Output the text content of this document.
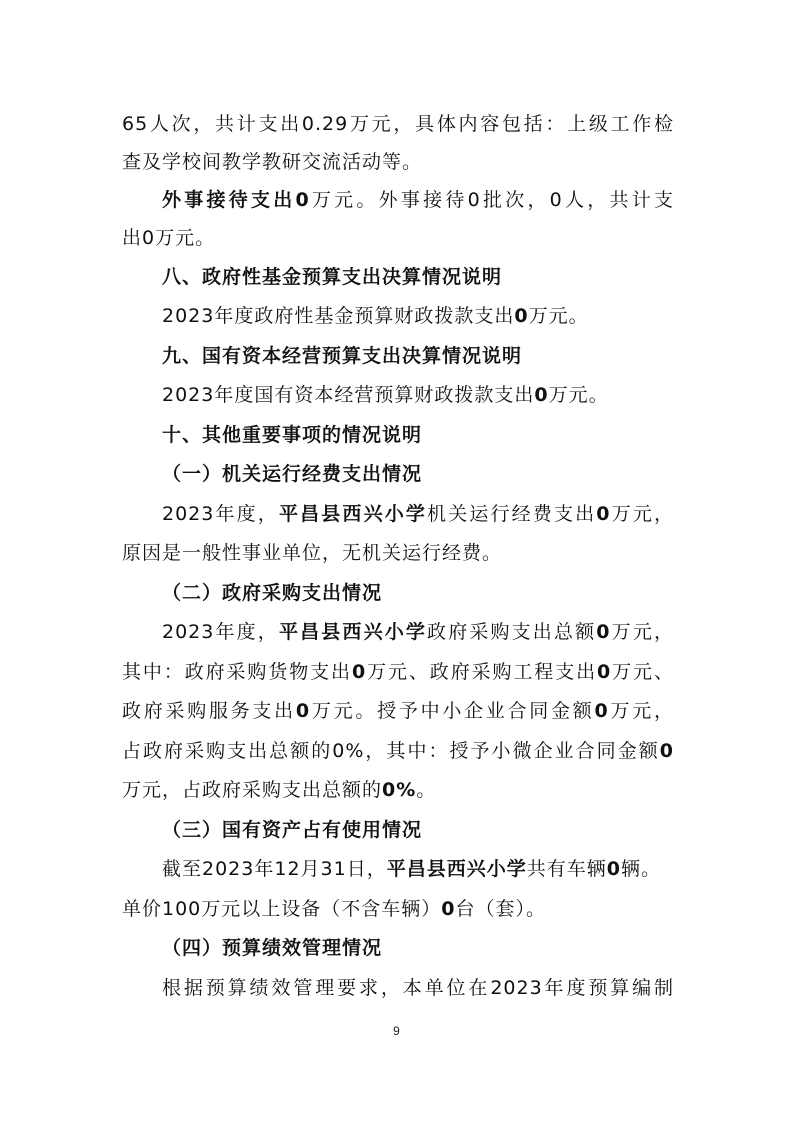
65人次，共计支出0.29万元，具体内容包括：上级工作检
查及学校间教学教研交流活动等。
外事接待支出0万元。外事接待0批次，0人，共计支
出0万元。
八、政府性基金预算支出决算情况说明
2023年度政府性基金预算财政拨款支出0万元。
九、国有资本经营预算支出决算情况说明
2023年度国有资本经营预算财政拨款支出0万元。
十、其他重要事项的情况说明
（一）机关运行经费支出情况
2023年度，平昌县西兴小学机关运行经费支出0万元，
原因是一般性事业单位，无机关运行经费。
（二）政府采购支出情况
2023年度，平昌县西兴小学政府采购支出总额0万元，
其中：政府采购货物支出0万元、政府采购工程支出0万元、
政府采购服务支出0万元。授予中小企业合同金额0万元，
占政府采购支出总额的0%，其中：授予小微企业合同金额0
万元，占政府采购支出总额的0%。
（三）国有资产占有使用情况
截至2023年12月31日，平昌县西兴小学共有车辆0辆。
单价100万元以上设备（不含车辆）0台（套）。
（四）预算绩效管理情况
根据预算绩效管理要求，本单位在2023年度预算编制
9
